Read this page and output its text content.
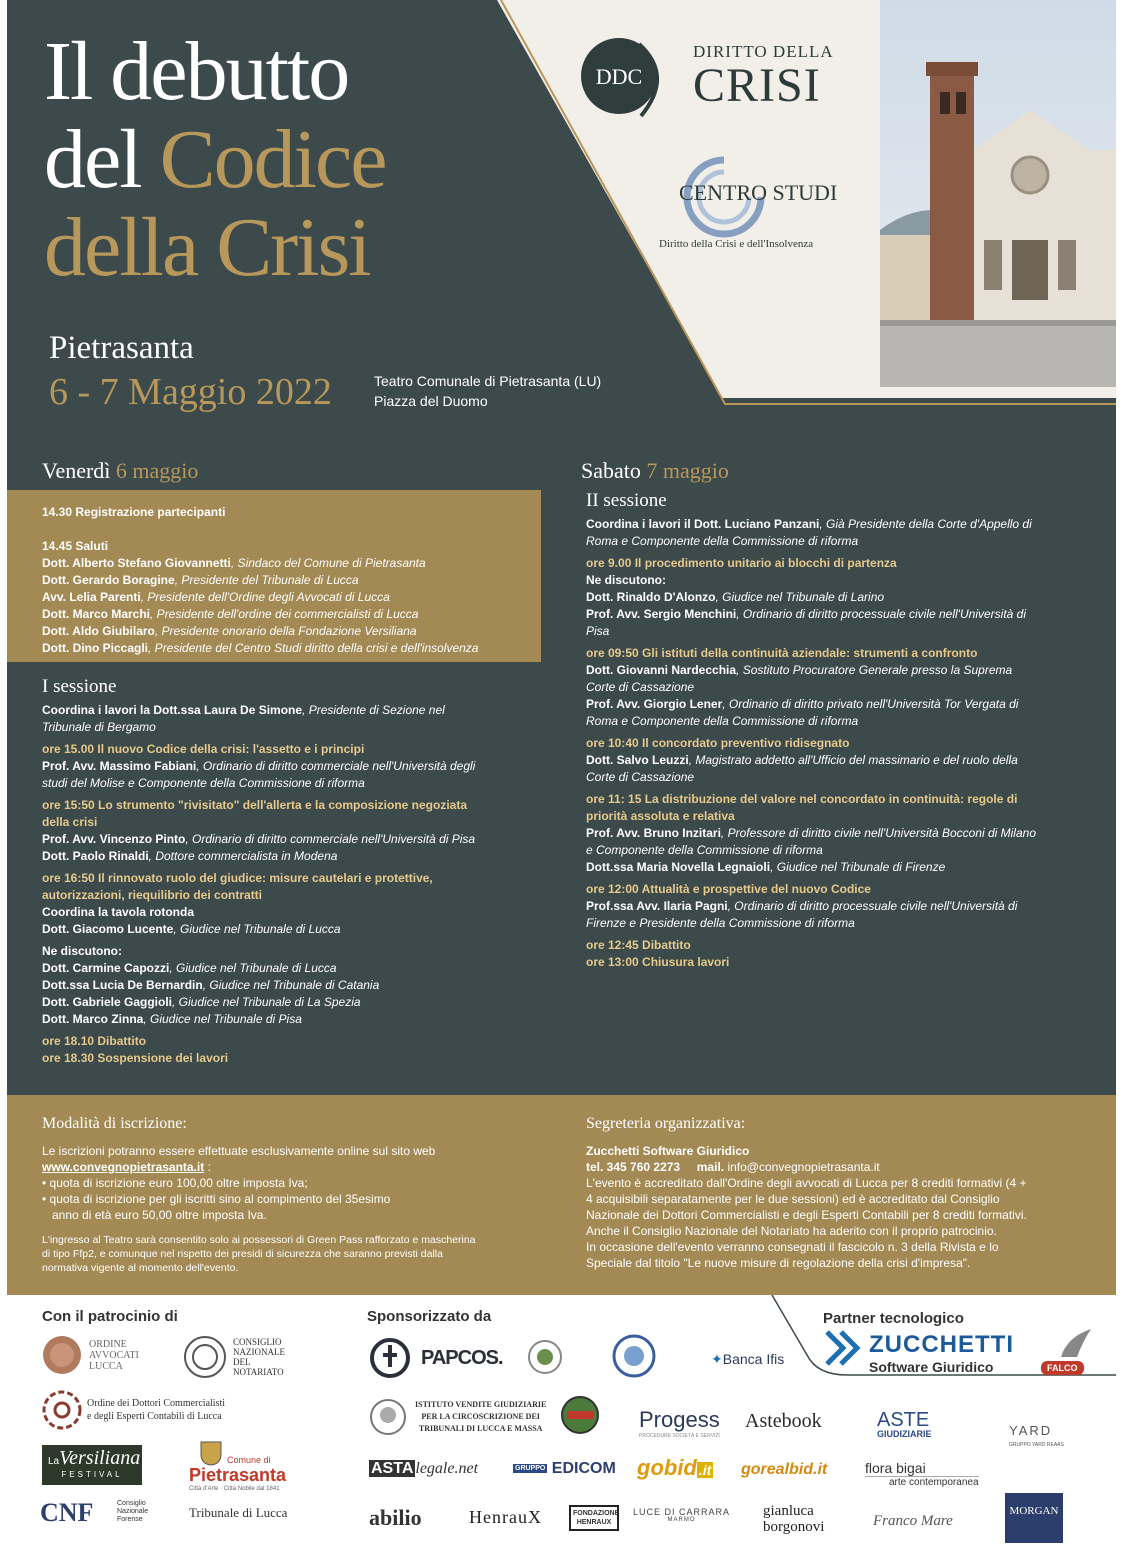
Il debutto
del Codice
della Crisi
Pietrasanta
6 - 7 Maggio 2022	Teatro Comunale di Pietrasanta (LU)
Piazza del Duomo
DDC
DIRITTO DELLA
CRISI
CENTRO STUDI
Diritto della Crisi e dell'Insolvenza
Venerdì 6 maggio	Sabato 7 maggio
14.30 Registrazione partecipanti
14.45 Saluti
Dott. Alberto Stefano Giovannetti, Sindaco del Comune di Pietrasanta
Dott. Gerardo Boragine, Presidente del Tribunale di Lucca
Avv. Lelia Parenti, Presidente dell'Ordine degli Avvocati di Lucca
Dott. Marco Marchi, Presidente dell'ordine dei commercialisti di Lucca
Dott. Aldo Giubilaro, Presidente onorario della Fondazione Versiliana
Dott. Dino Piccagli, Presidente del Centro Studi diritto della crisi e dell'insolvenza
I sessione
Coordina i lavori la Dott.ssa Laura De Simone, Presidente di Sezione nel
Tribunale di Bergamo
ore 15.00 Il nuovo Codice della crisi: l'assetto e i principi
Prof. Avv. Massimo Fabiani, Ordinario di diritto commerciale nell'Università degli
studi del Molise e Componente della Commissione di riforma
ore 15:50 Lo strumento "rivisitato" dell'allerta e la composizione negoziata
della crisi
Prof. Avv. Vincenzo Pinto, Ordinario di diritto commerciale nell'Università di Pisa
Dott. Paolo Rinaldi, Dottore commercialista in Modena
ore 16:50 Il rinnovato ruolo del giudice: misure cautelari e protettive,
autorizzazioni, riequilibrio dei contratti
Coordina la tavola rotonda
Dott. Giacomo Lucente, Giudice nel Tribunale di Lucca
Ne discutono:
Dott. Carmine Capozzi, Giudice nel Tribunale di Lucca
Dott.ssa Lucia De Bernardin, Giudice nel Tribunale di Catania
Dott. Gabriele Gaggioli, Giudice nel Tribunale di La Spezia
Dott. Marco Zinna, Giudice nel Tribunale di Pisa
ore 18.10 Dibattito
ore 18.30 Sospensione dei lavori
II sessione
Coordina i lavori il Dott. Luciano Panzani, Già Presidente della Corte d'Appello di
Roma e Componente della Commissione di riforma
ore 9.00 Il procedimento unitario ai blocchi di partenza
Ne discutono:
Dott. Rinaldo D'Alonzo, Giudice nel Tribunale di Larino
Prof. Avv. Sergio Menchini, Ordinario di diritto processuale civile nell'Università di
Pisa
ore 09:50 Gli istituti della continuità aziendale: strumenti a confronto
Dott. Giovanni Nardecchia, Sostituto Procuratore Generale presso la Suprema
Corte di Cassazione
Prof. Avv. Giorgio Lener, Ordinario di diritto privato nell'Università Tor Vergata di
Roma e Componente della Commissione di riforma
ore 10:40 Il concordato preventivo ridisegnato
Dott. Salvo Leuzzi, Magistrato addetto all'Ufficio del massimario e del ruolo della
Corte di Cassazione
ore 11: 15 La distribuzione del valore nel concordato in continuità: regole di
priorità assoluta e relativa
Prof. Avv. Bruno Inzitari, Professore di diritto civile nell'Università Bocconi di Milano
e Componente della Commissione di riforma
Dott.ssa Maria Novella Legnaioli, Giudice nel Tribunale di Firenze
ore 12:00 Attualità e prospettive del nuovo Codice
Prof.ssa Avv. Ilaria Pagni, Ordinario di diritto processuale civile nell'Università di
Firenze e Presidente della Commissione di riforma
ore 12:45 Dibattito
ore 13:00 Chiusura lavori
Modalità di iscrizione:
Le iscrizioni potranno essere effettuate esclusivamente online sul sito web
www.convegnopietrasanta.it :
• quota di iscrizione euro 100,00 oltre imposta Iva;
• quota di iscrizione per gli iscritti sino al compimento del 35esimo
anno di età euro 50,00 oltre imposta Iva.
L'ingresso al Teatro sarà consentito solo ai possessori di Green Pass rafforzato e mascherina
di tipo Ffp2, e comunque nel rispetto dei presidi di sicurezza che saranno previsti dalla
normativa vigente al momento dell'evento.
Segreteria organizzativa:
Zucchetti Software Giuridico
tel. 345 760 2273 mail. info@convegnopietrasanta.it
L'evento è accreditato dall'Ordine degli avvocati di Lucca per 8 crediti formativi (4 +
4 acquisibili separatamente per le due sessioni) ed è accreditato dal Consiglio
Nazionale dei Dottori Commercialisti e degli Esperti Contabili per 8 crediti formativi.
Anche il Consiglio Nazionale del Notariato ha aderito con il proprio patrocinio.
In occasione dell'evento verranno consegnati il fascicolo n. 3 della Rivista e lo
Speciale dal titolo "Le nuove misure di regolazione della crisi d'impresa".
Con il patrocinio di	Sponsorizzato da	Partner tecnologico
ORDINE
AVVOCATI
LUCCA
CONSIGLIO
NAZIONALE
DEL
NOTARIATO
Ordine dei Dottori Commercialisti
e degli Esperti Contabili di Lucca
LaVersiliana
FESTIVAL
Comune di
Pietrasanta
Città d'Arte · Città Nobile dal 1841
CNF	Consiglio
Nazionale
Forense	Tribunale di Lucca
PAPCOS.	✦Banca Ifis
ISTITUTO VENDITE GIUDIZIARIE
PER LA CIRCOSCRIZIONE DEI
TRIBUNALI DI LUCCA E MASSA	Progess
PROCEDURE SOCIETÀ E SERVIZI
Astebook	ASTE
GIUDIZIARIE	YARD
GRUPPO YARD REAAS
ASTA legale.net	GRUPPO EDICOM gobid .it gorealbid.it	flora bigai
arte contemporanea
abilio	HenrauX	FONDAZIONE HENRAUX
LUCE DI CARRARA
MARMO
gianluca
borgonovi	Franco Mare
MORGAN
ZUCCHETTI
Software Giuridico	FALCO
